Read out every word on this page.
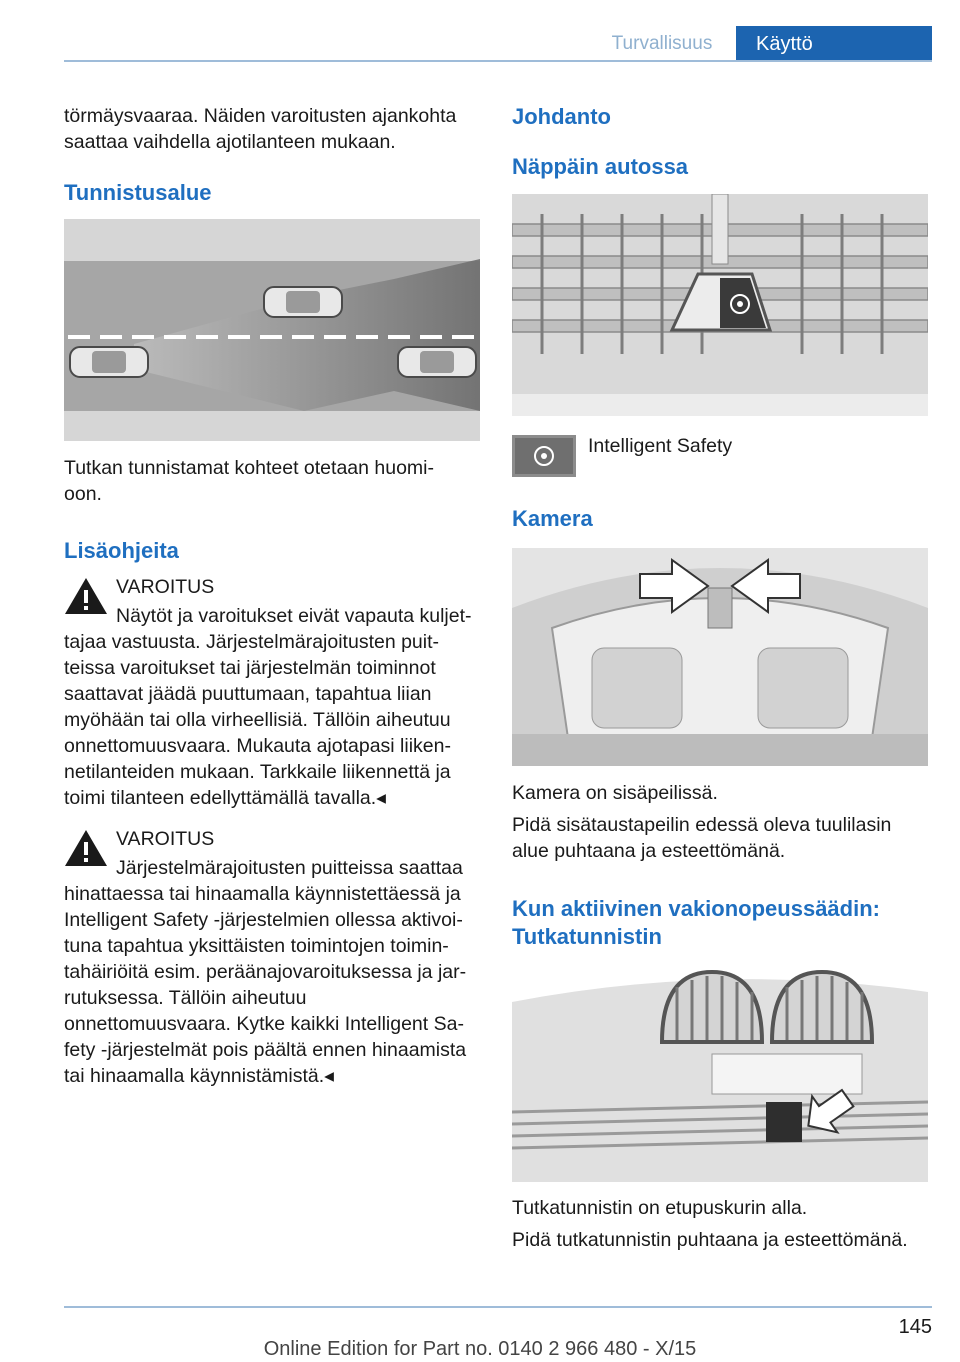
Turvallisuus	Käyttö

törmäysvaaraa. Näiden varoitusten ajankohta

saattaa vaihdella ajotilanteen mukaan.

Tunnistusalue

Tutkan tunnistamat kohteet otetaan huomi-

oon.

Lisäohjeita
VAROITUS

Näytöt ja varoitukset eivät vapauta kuljet-

tajaa vastuusta. Järjestelmärajoitusten puit-

teissa varoitukset tai järjestelmän toiminnot

saattavat jäädä puuttumaan, tapahtua liian

myöhään tai olla virheellisiä. Tällöin aiheutuu

onnettomuusvaara. Mukauta ajotapasi liiken-

netilanteiden mukaan. Tarkkaile liikennettä ja

toimi tilanteen edellyttämällä tavalla.◂

VAROITUS

Järjestelmärajoitusten puitteissa saattaa

hinattaessa tai hinaamalla käynnistettäessä ja

Intelligent Safety -järjestelmien ollessa aktivoi-

tuna tapahtua yksittäisten toimintojen toimin-

tahäiriöitä esim. peräänajovaroituksessa ja jar-

rutuksessa. Tällöin aiheutuu

onnettomuusvaara. Kytke kaikki Intelligent Sa-

fety -järjestelmät pois päältä ennen hinaamista

tai hinaamalla käynnistämistä.◂

Johdanto
Näppäin autossa

Intelligent Safety

Kamera

Kamera on sisäpeilissä.

Pidä sisätaustapeilin edessä oleva tuulilasin

alue puhtaana ja esteettömänä.

Kun aktiivinen vakionopeussäädin:
Tutkatunnistin

Tutkatunnistin on etupuskurin alla.

Pidä tutkatunnistin puhtaana ja esteettömänä.

145
Online Edition for Part no. 0140 2 966 480 - X/15
